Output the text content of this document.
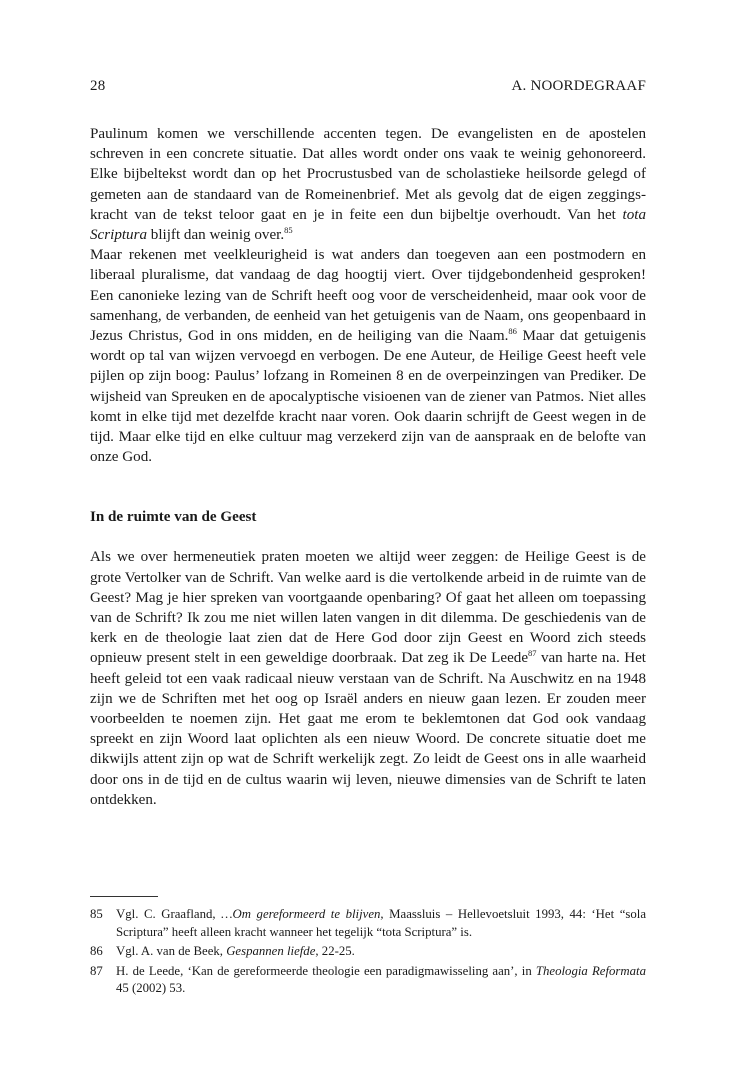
28	A. NOORDEGRAAF

Paulinum komen we verschillende accenten tegen. De evangelisten en de apostelen schreven in een concrete situatie. Dat alles wordt onder ons vaak te weinig gehonoreerd. Elke bijbeltekst wordt dan op het Procrustusbed van de scholastieke heilsorde gelegd of gemeten aan de standaard van de Romeinenbrief. Met als gevolg dat de eigen zeggingskracht van de tekst teloor gaat en je in feite een dun bijbeltje overhoudt. Van het tota Scriptura blijft dan weinig over.$^{85}$

Maar rekenen met veelkleurigheid is wat anders dan toegeven aan een postmodern en liberaal pluralisme, dat vandaag de dag hoogtij viert. Over tijdgebondenheid gesproken! Een canonieke lezing van de Schrift heeft oog voor de verscheidenheid, maar ook voor de samenhang, de verbanden, de eenheid van het getuigenis van de Naam, ons geopenbaard in Jezus Christus, God in ons midden, en de heiliging van die Naam.$^{86}$ Maar dat getuigenis wordt op tal van wijzen vervoegd en verbogen. De ene Auteur, de Heilige Geest heeft vele pijlen op zijn boog: Paulus’ lofzang in Romeinen 8 en de overpeinzingen van Prediker. De wijsheid van Spreuken en de apocalyptische visioenen van de ziener van Patmos. Niet alles komt in elke tijd met dezelfde kracht naar voren. Ook daarin schrijft de Geest wegen in de tijd. Maar elke tijd en elke cultuur mag verzekerd zijn van de aanspraak en de belofte van onze God.

In de ruimte van de Geest

Als we over hermeneutiek praten moeten we altijd weer zeggen: de Heilige Geest is de grote Vertolker van de Schrift. Van welke aard is die vertolkende arbeid in de ruimte van de Geest? Mag je hier spreken van voortgaande openbaring? Of gaat het alleen om toepassing van de Schrift? Ik zou me niet willen laten vangen in dit dilemma. De geschiedenis van de kerk en de theologie laat zien dat de Here God door zijn Geest en Woord zich steeds opnieuw present stelt in een geweldige doorbraak. Dat zeg ik De Leede$^{87}$ van harte na. Het heeft geleid tot een vaak radicaal nieuw verstaan van de Schrift. Na Auschwitz en na 1948 zijn we de Schriften met het oog op Israël anders en nieuw gaan lezen. Er zouden meer voorbeelden te noemen zijn. Het gaat me erom te beklemtonen dat God ook vandaag spreekt en zijn Woord laat oplichten als een nieuw Woord. De concrete situatie doet me dikwijls attent zijn op wat de Schrift werkelijk zegt. Zo leidt de Geest ons in alle waarheid door ons in de tijd en de cultus waarin wij leven, nieuwe dimensies van de Schrift te laten ontdekken.

85	Vgl. C. Graafland, …Om gereformeerd te blijven, Maassluis – Hellevoetsluit 1993, 44: ‘Het “sola Scriptura” heeft alleen kracht wanneer het tegelijk “tota Scriptura” is.
86	Vgl. A. van de Beek, Gespannen liefde, 22-25.
87	H. de Leede, ‘Kan de gereformeerde theologie een paradigmawisseling aan’, in Theologia Reformata 45 (2002) 53.
